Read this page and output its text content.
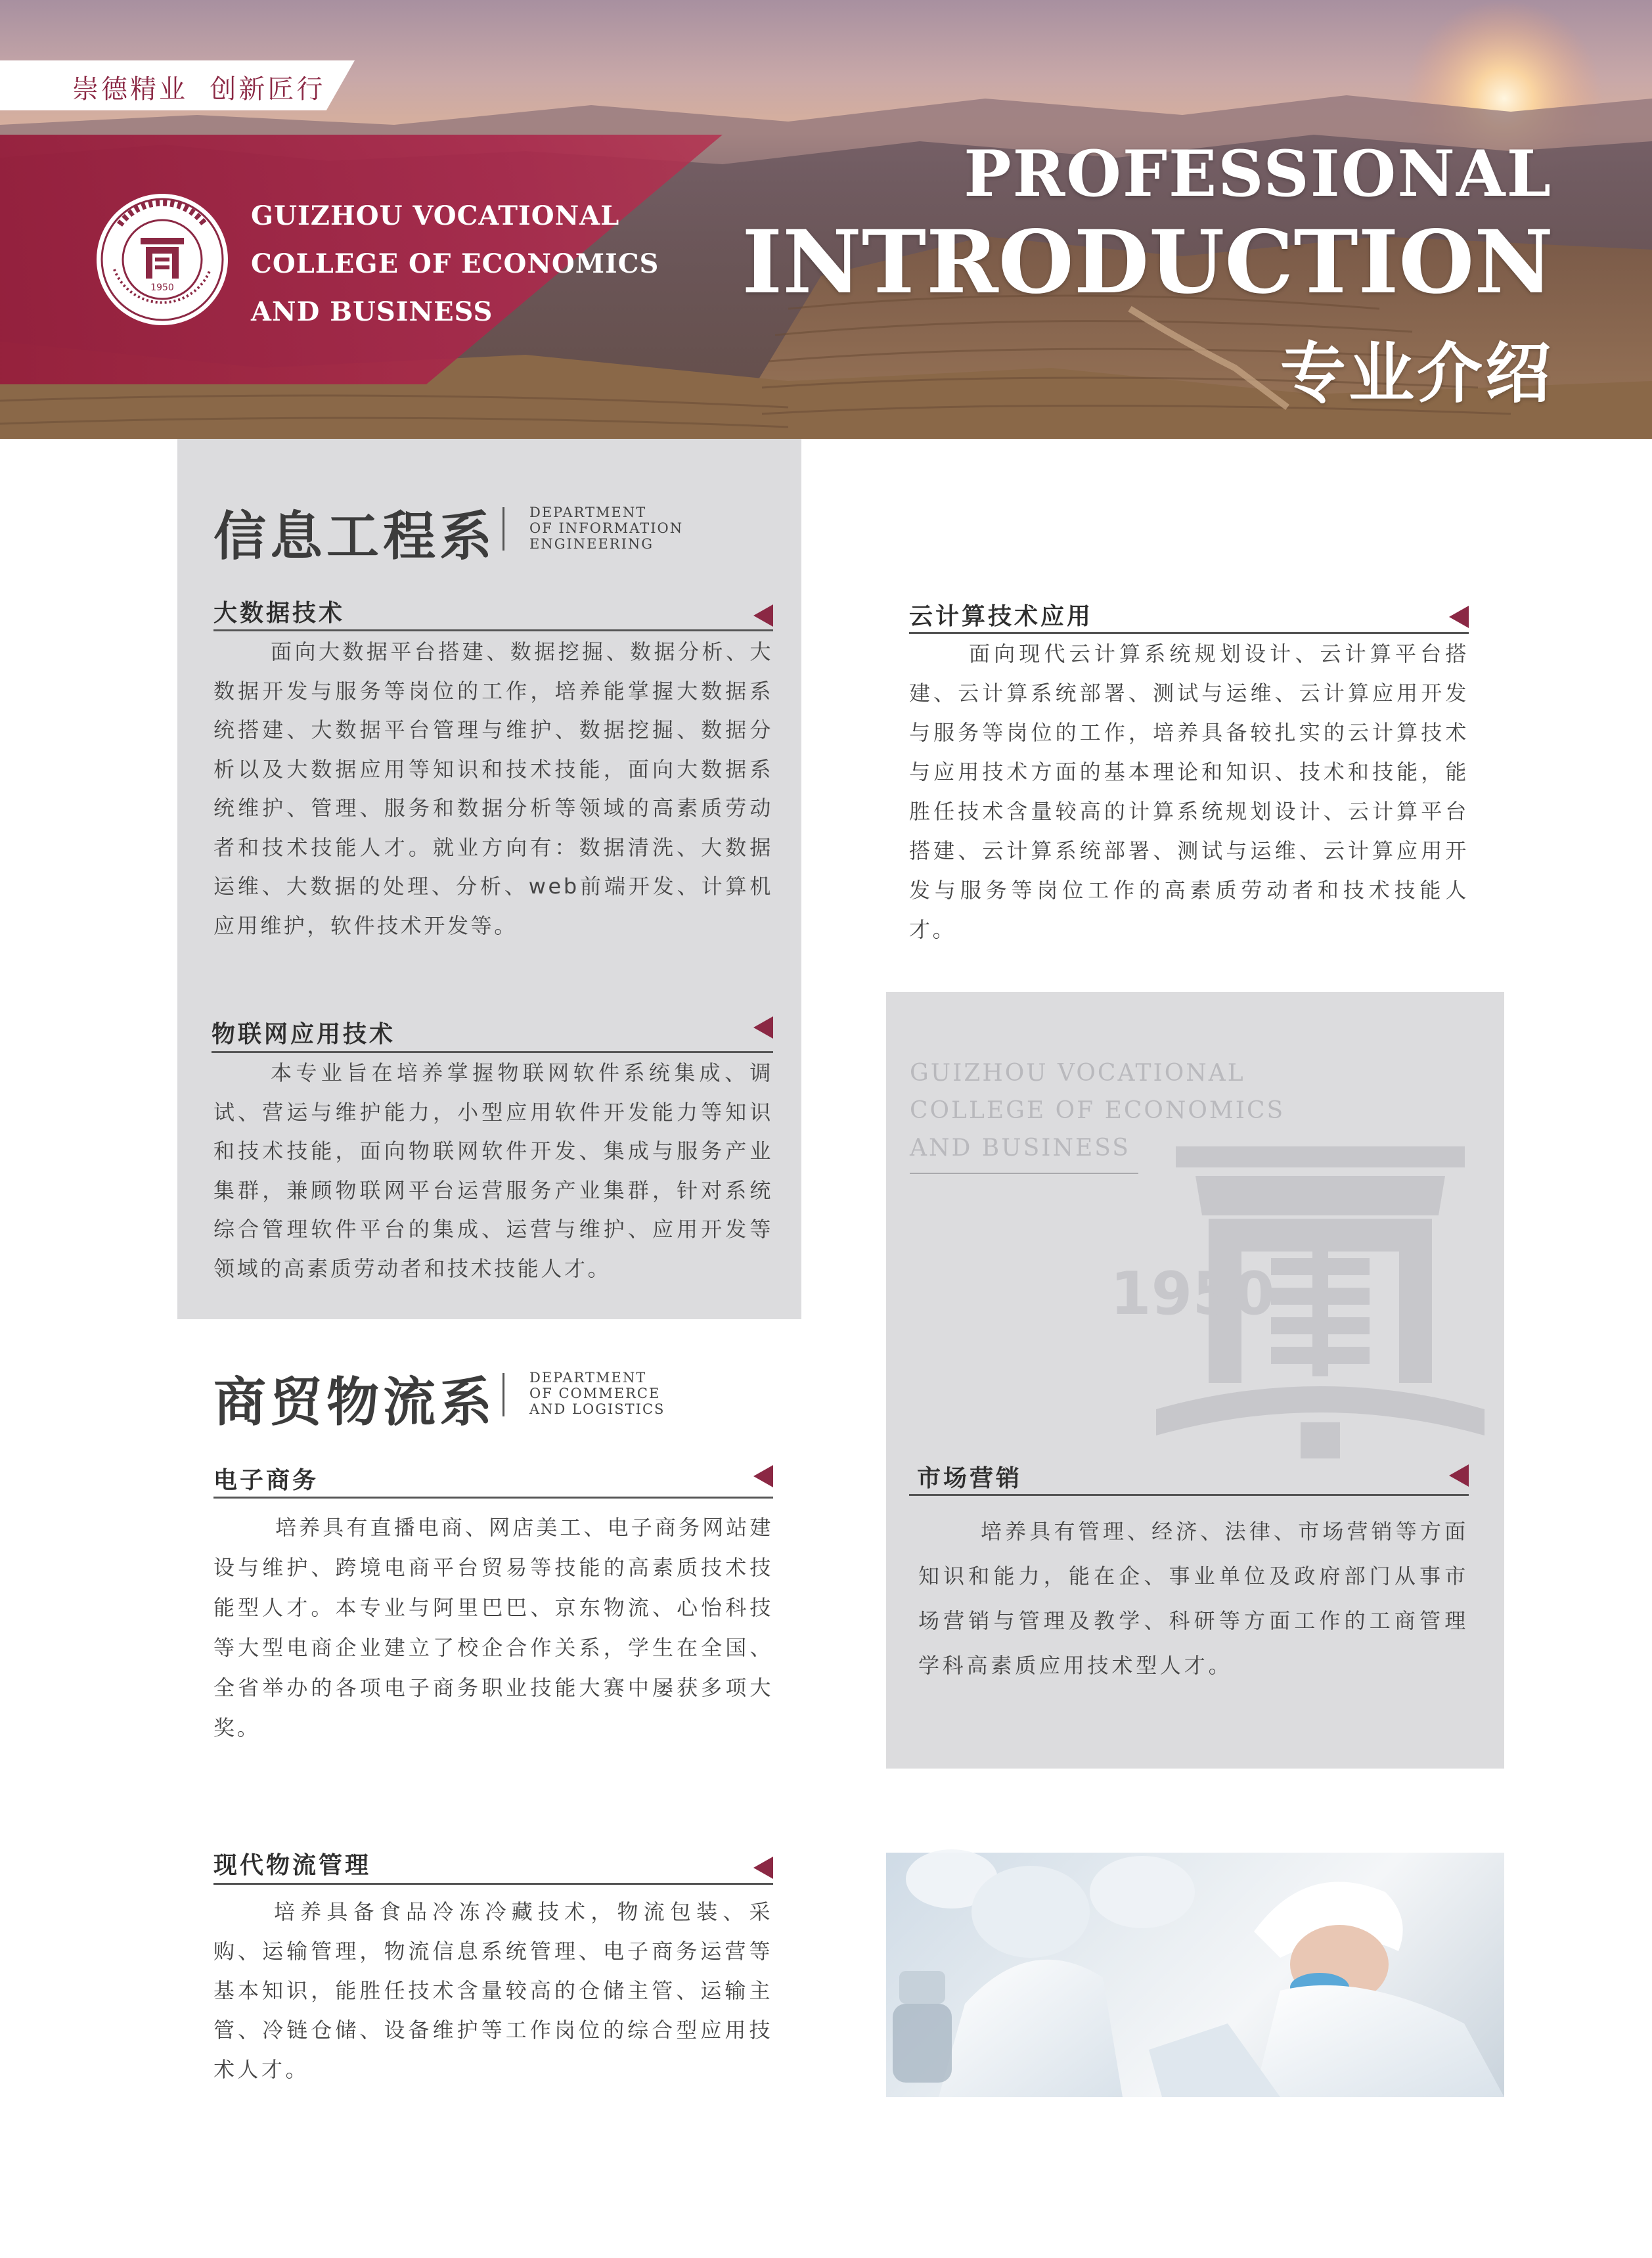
崇德精业  创新匠行
1950
GUIZHOU VOCATIONAL
COLLEGE OF ECONOMICS
AND BUSINESS
PROFESSIONAL
INTRODUCTION
专业介绍
信息工程系 DEPARTMENT
OF INFORMATION
ENGINEERING
大数据技术
面向大数据平台搭建、数据挖掘、数据分析、大数据开发与服务等岗位的工作，培养能掌握大数据系统搭建、大数据平台管理与维护、数据挖掘、数据分析以及大数据应用等知识和技术技能，面向大数据系统维护、管理、服务和数据分析等领域的高素质劳动者和技术技能人才。就业方向有：数据清洗、大数据运维、大数据的处理、分析、web前端开发、计算机应用维护，软件技术开发等。
云计算技术应用
面向现代云计算系统规划设计、云计算平台搭建、云计算系统部署、测试与运维、云计算应用开发与服务等岗位的工作，培养具备较扎实的云计算技术与应用技术方面的基本理论和知识、技术和技能，能胜任技术含量较高的计算系统规划设计、云计算平台搭建、云计算系统部署、测试与运维、云计算应用开发与服务等岗位工作的高素质劳动者和技术技能人才。
物联网应用技术
本专业旨在培养掌握物联网软件系统集成、调试、营运与维护能力，小型应用软件开发能力等知识和技术技能，面向物联网软件开发、集成与服务产业集群，兼顾物联网平台运营服务产业集群，针对系统综合管理软件平台的集成、运营与维护、应用开发等领域的高素质劳动者和技术技能人才。
商贸物流系 DEPARTMENT
OF COMMERCE
AND LOGISTICS
电子商务
培养具有直播电商、网店美工、电子商务网站建设与维护、跨境电商平台贸易等技能的高素质技术技能型人才。本专业与阿里巴巴、京东物流、心怡科技等大型电商企业建立了校企合作关系，学生在全国、全省举办的各项电子商务职业技能大赛中屡获多项大奖。
市场营销
培养具有管理、经济、法律、市场营销等方面知识和能力，能在企、事业单位及政府部门从事市场营销与管理及教学、科研等方面工作的工商管理学科高素质应用技术型人才。
现代物流管理
培养具备食品冷冻冷藏技术，物流包装、采购、运输管理，物流信息系统管理、电子商务运营等基本知识，能胜任技术含量较高的仓储主管、运输主管、冷链仓储、设备维护等工作岗位的综合型应用技术人才。
GUIZHOU VOCATIONAL
COLLEGE OF ECONOMICS
AND BUSINESS
1950
